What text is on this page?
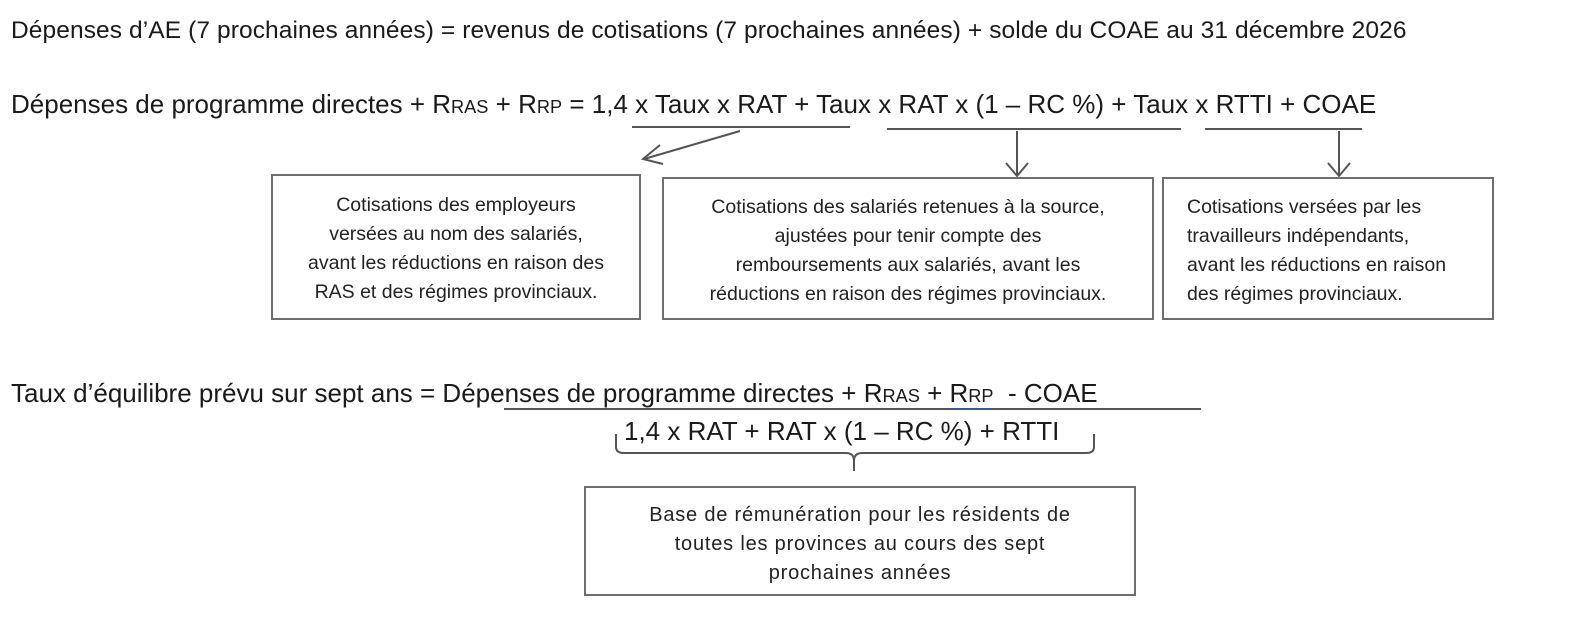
Dépenses d’AE (7 prochaines années) = revenus de cotisations (7 prochaines années) + solde du COAE au 31 décembre 2026
Dépenses de programme directes + RRAS + RRP = 1,4 x Taux x RAT + Taux x RAT x (1 – RC %) + Taux x RTTI + COAE
Cotisations des employeurs
versées au nom des salariés,
avant les réductions en raison des
RAS et des régimes provinciaux.
Cotisations des salariés retenues à la source,
ajustées pour tenir compte des
remboursements aux salariés, avant les
réductions en raison des régimes provinciaux.
Cotisations versées par les
travailleurs indépendants,
avant les réductions en raison
des régimes provinciaux.
Taux d’équilibre prévu sur sept ans = Dépenses de programme directes + RRAS + RRP  - COAE
1,4 x RAT + RAT x (1 – RC %) + RTTI
Base de rémunération pour les résidents de
toutes les provinces au cours des sept
prochaines années
